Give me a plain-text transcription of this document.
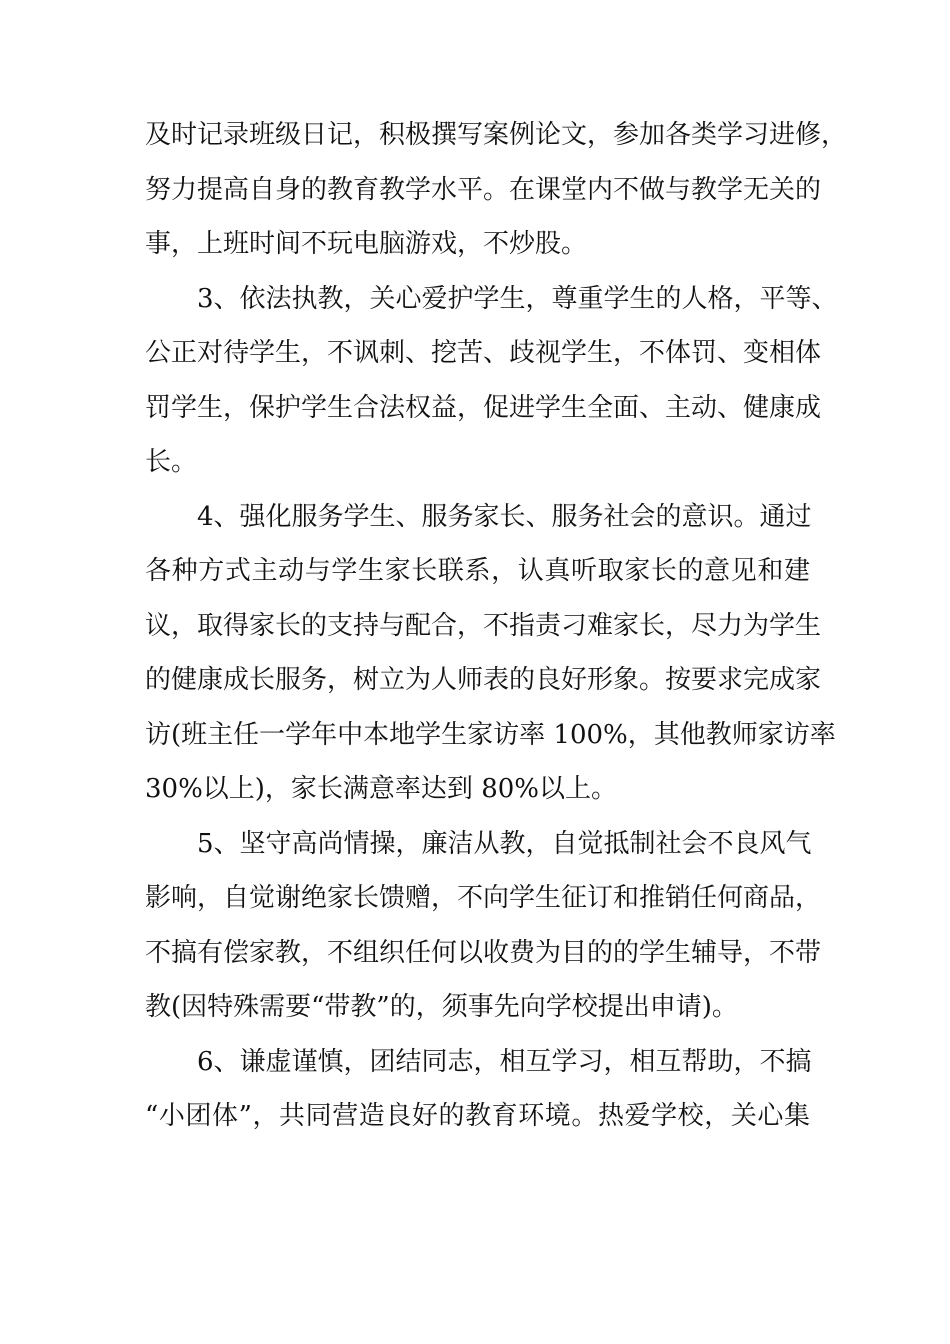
及时记录班级日记，积极撰写案例论文，参加各类学习进修，
努力提高自身的教育教学水平。在课堂内不做与教学无关的
事，上班时间不玩电脑游戏，不炒股。
3、依法执教，关心爱护学生，尊重学生的人格，平等、
公正对待学生，不讽刺、挖苦、歧视学生，不体罚、变相体
罚学生，保护学生合法权益，促进学生全面、主动、健康成
长。
4、强化服务学生、服务家长、服务社会的意识。通过
各种方式主动与学生家长联系，认真听取家长的意见和建
议，取得家长的支持与配合，不指责刁难家长，尽力为学生
的健康成长服务，树立为人师表的良好形象。按要求完成家
访(班主任一学年中本地学生家访率 100%，其他教师家访率
30%以上)，家长满意率达到 80%以上。
5、坚守高尚情操，廉洁从教，自觉抵制社会不良风气
影响，自觉谢绝家长馈赠，不向学生征订和推销任何商品，
不搞有偿家教，不组织任何以收费为目的的学生辅导，不带
教(因特殊需要“带教”的，须事先向学校提出申请)。
6、谦虚谨慎，团结同志，相互学习，相互帮助，不搞
“小团体”，共同营造良好的教育环境。热爱学校，关心集
